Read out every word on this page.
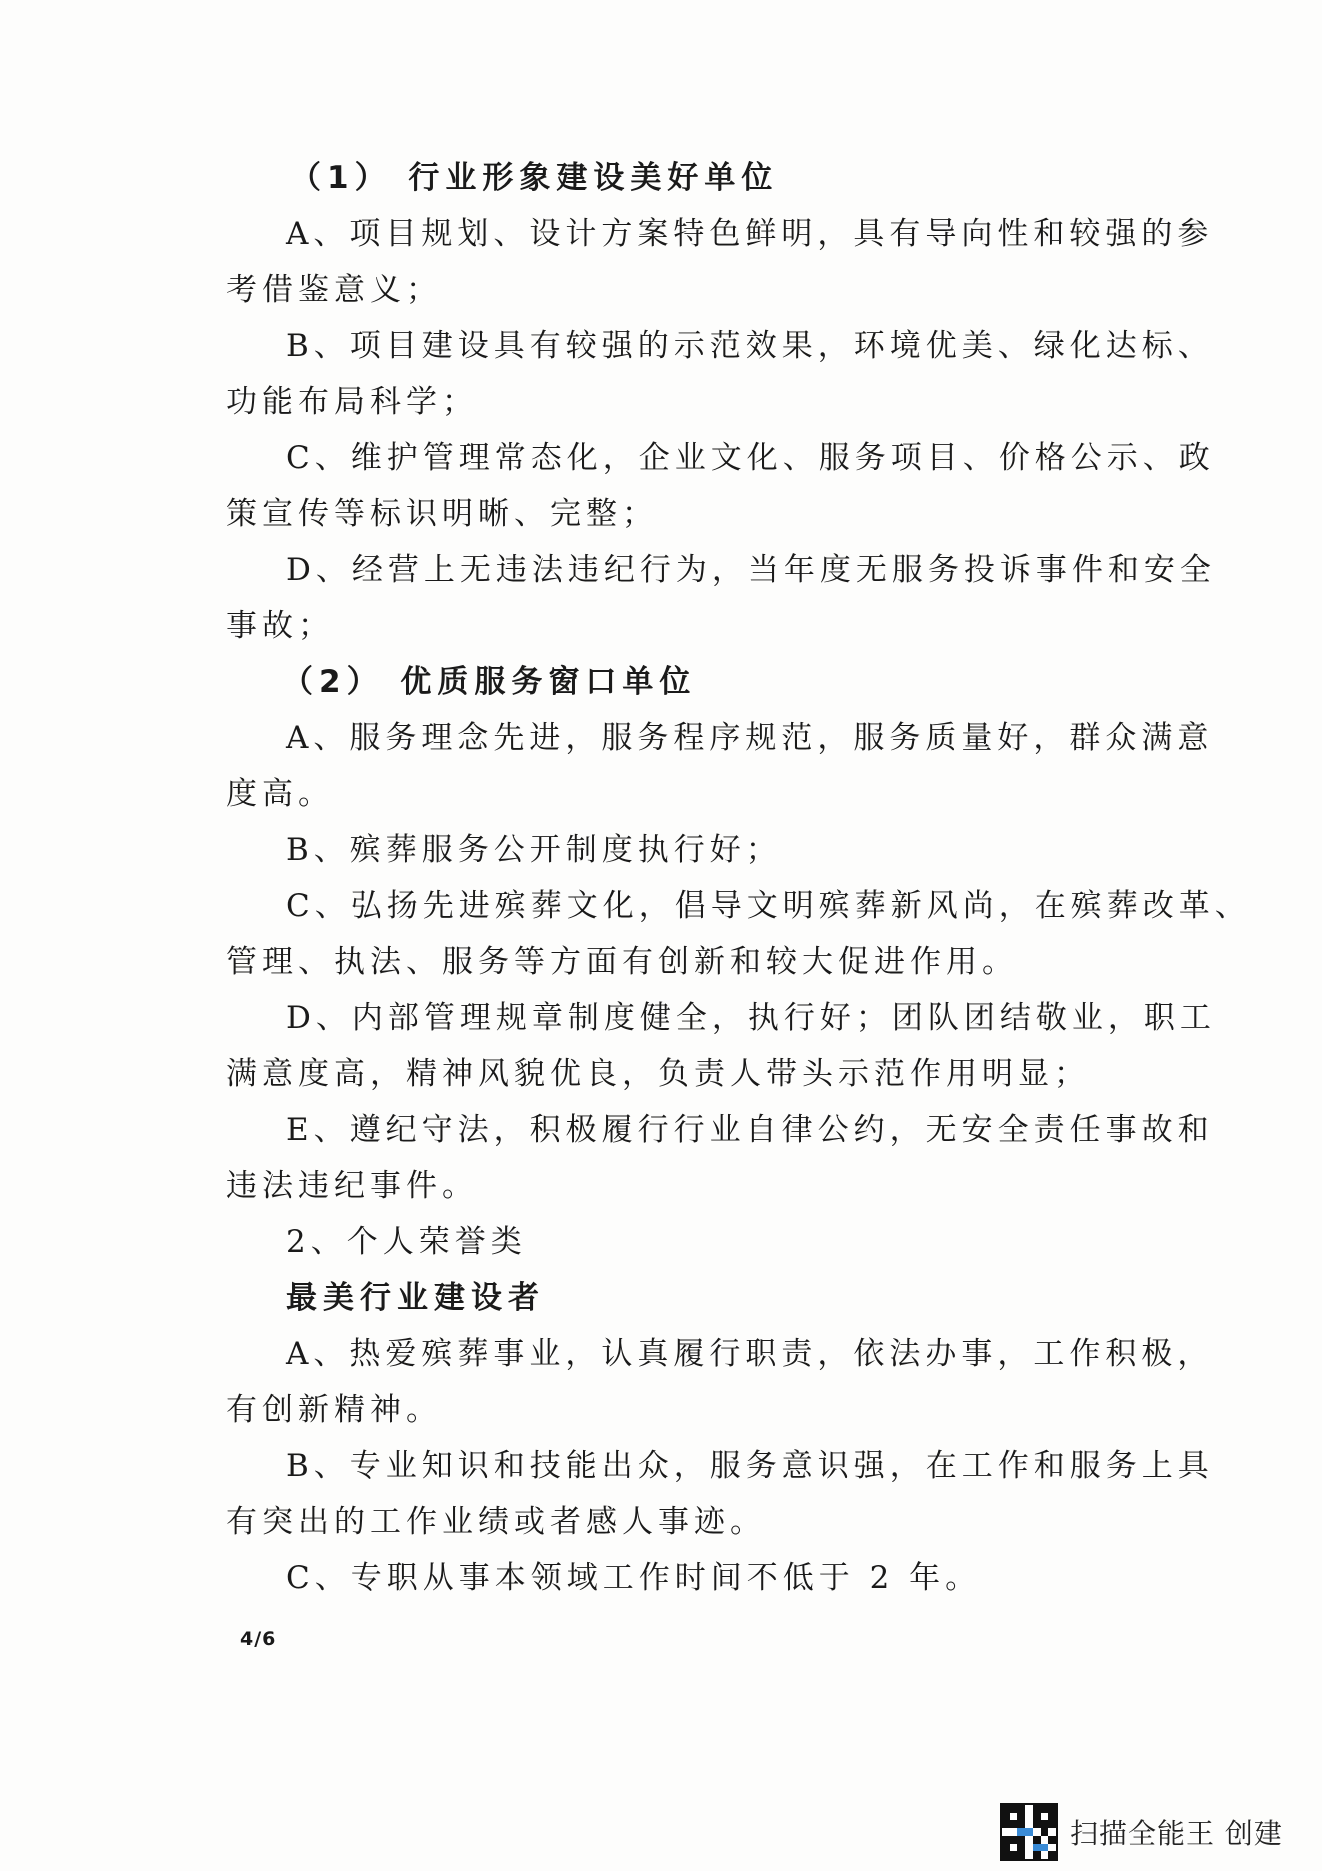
（1） 行业形象建设美好单位
A、项目规划、设计方案特色鲜明，具有导向性和较强的参
考借鉴意义；
B、项目建设具有较强的示范效果，环境优美、绿化达标、
功能布局科学；
C、维护管理常态化，企业文化、服务项目、价格公示、政
策宣传等标识明晰、完整；
D、经营上无违法违纪行为，当年度无服务投诉事件和安全
事故；
（2） 优质服务窗口单位
A、服务理念先进，服务程序规范，服务质量好，群众满意
度高。
B、殡葬服务公开制度执行好；
C、弘扬先进殡葬文化，倡导文明殡葬新风尚，在殡葬改革、
管理、执法、服务等方面有创新和较大促进作用。
D、内部管理规章制度健全，执行好；团队团结敬业，职工
满意度高，精神风貌优良，负责人带头示范作用明显；
E、遵纪守法，积极履行行业自律公约，无安全责任事故和
违法违纪事件。
2、个人荣誉类
最美行业建设者
A、热爱殡葬事业，认真履行职责，依法办事，工作积极，
有创新精神。
B、专业知识和技能出众，服务意识强，在工作和服务上具
有突出的工作业绩或者感人事迹。
C、专职从事本领域工作时间不低于 2 年。
4/6
扫描全能王 创建
